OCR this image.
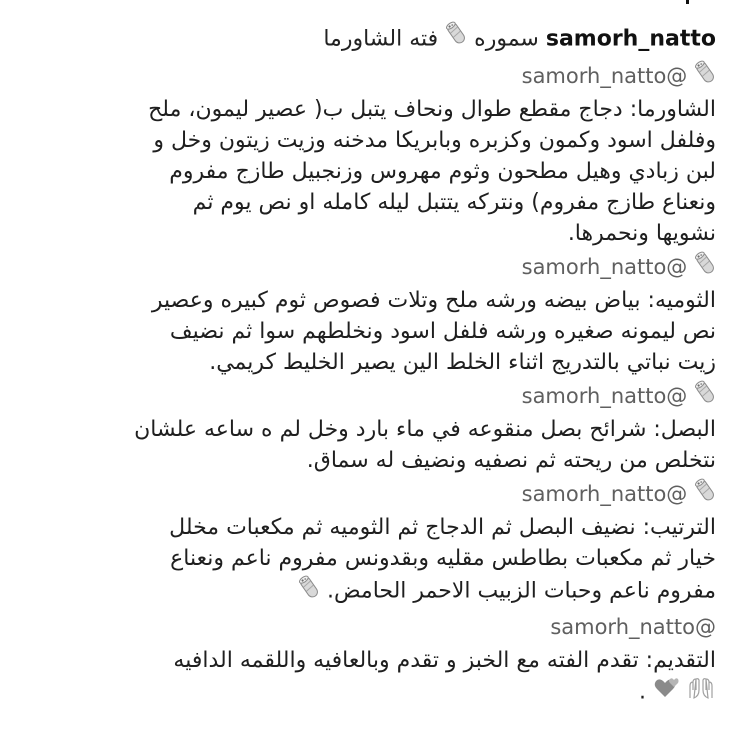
samorh_natto سموره  فته الشاورما
samorh_natto@

الشاورما: دجاج مقطع طوال ونحاف يتبل ب( عصير ليمون، ملح

وفلفل اسود وكمون وكزبره وبابريكا مدخنه وزيت زيتون وخل و

لبن زبادي وهيل مطحون وثوم مهروس وزنجبيل طازج مفروم

ونعناع طازج مفروم) ونتركه يتتبل ليله كامله او نص يوم ثم

نشويها ونحمرها.

samorh_natto@

الثوميه: بياض بيضه ورشه ملح وتلات فصوص ثوم كبيره وعصير

نص ليمونه صغيره ورشه فلفل اسود ونخلطهم سوا ثم نضيف

زيت نباتي بالتدريج اثناء الخلط الين يصير الخليط كريمي.

samorh_natto@

البصل: شرائح بصل منقوعه في ماء بارد وخل لم ه ساعه علشان

نتخلص من ريحته ثم نصفيه ونضيف له سماق.

samorh_natto@

الترتيب: نضيف البصل ثم الدجاج ثم الثوميه ثم مكعبات مخلل

خيار ثم مكعبات بطاطس مقليه وبقدونس مفروم ناعم ونعناع

مفروم ناعم وحبات الزبيب الاحمر الحامض.

samorh_natto@

التقديم: تقدم الفته مع الخبز و تقدم وبالعافيه واللقمه الدافيه

.
